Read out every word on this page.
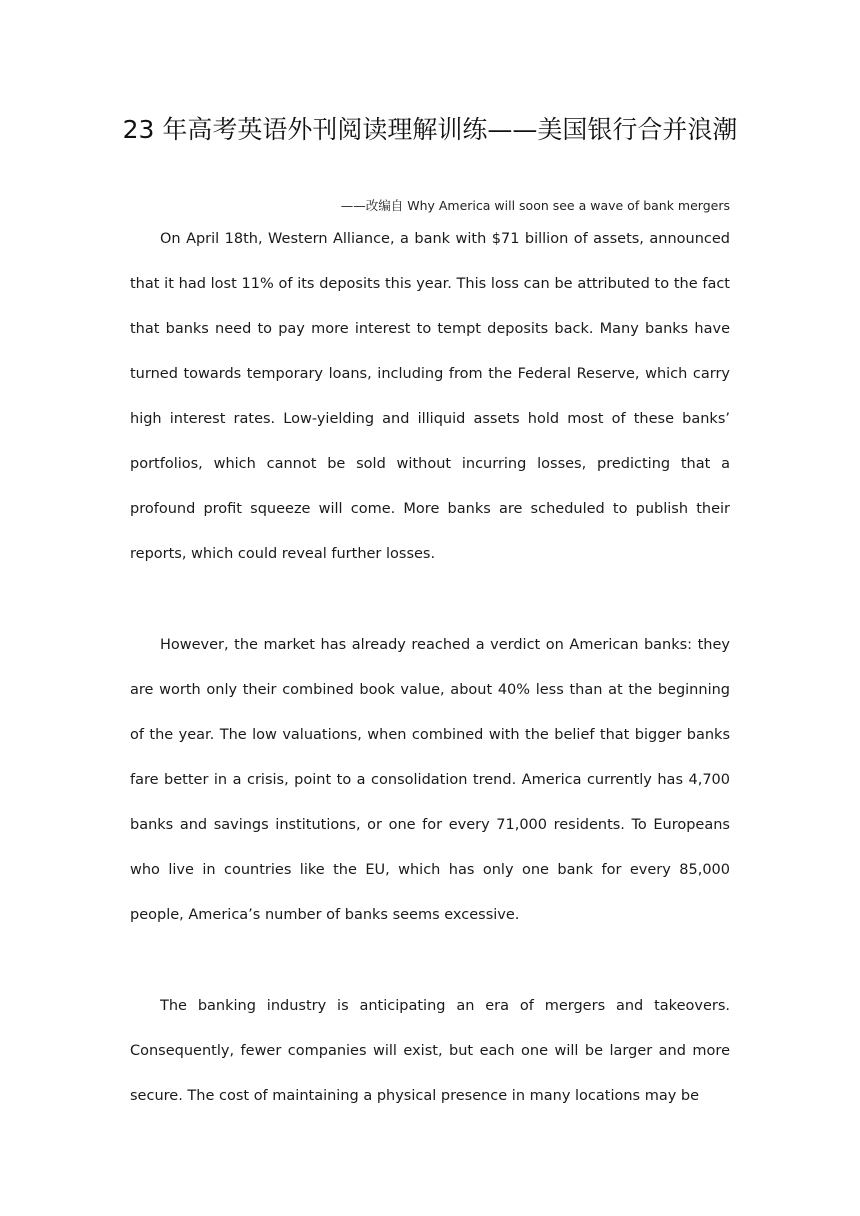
23 年高考英语外刊阅读理解训练——美国银行合并浪潮
——改编自 Why America will soon see a wave of bank mergers

On April 18th, Western Alliance, a bank with $71 billion of assets, announced that it had lost 11% of its deposits this year. This loss can be attributed to the fact that banks need to pay more interest to tempt deposits back. Many banks have turned towards temporary loans, including from the Federal Reserve, which carry high interest rates. Low-yielding and illiquid assets hold most of these banks’ portfolios, which cannot be sold without incurring losses, predicting that a profound profit squeeze will come. More banks are scheduled to publish their reports, which could reveal further losses.

However, the market has already reached a verdict on American banks: they are worth only their combined book value, about 40% less than at the beginning of the year. The low valuations, when combined with the belief that bigger banks fare better in a crisis, point to a consolidation trend. America currently has 4,700 banks and savings institutions, or one for every 71,000 residents. To Europeans who live in countries like the EU, which has only one bank for every 85,000 people, America’s number of banks seems excessive.

The banking industry is anticipating an era of mergers and takeovers. Consequently, fewer companies will exist, but each one will be larger and more secure. The cost of maintaining a physical presence in many locations may be
